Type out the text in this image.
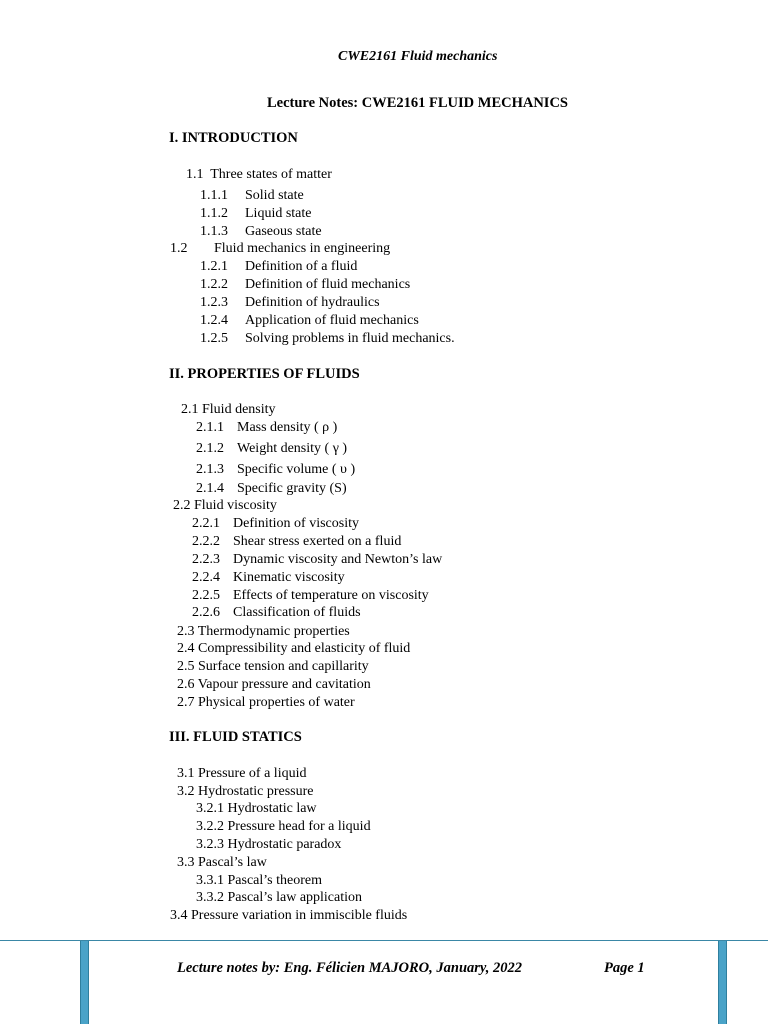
CWE2161 Fluid mechanics
Lecture Notes: CWE2161 FLUID MECHANICS
I. INTRODUCTION
1.1 Three states of matter
1.1.1 Solid state
1.1.2 Liquid state
1.1.3 Gaseous state
1.2 Fluid mechanics in engineering
1.2.1 Definition of a fluid
1.2.2 Definition of fluid mechanics
1.2.3 Definition of hydraulics
1.2.4 Application of fluid mechanics
1.2.5 Solving problems in fluid mechanics.
II. PROPERTIES OF FLUIDS
2.1 Fluid density
2.1.1 Mass density ( ρ )
2.1.2 Weight density ( γ )
2.1.3 Specific volume ( υ )
2.1.4 Specific gravity (S)
2.2 Fluid viscosity
2.2.1 Definition of viscosity
2.2.2 Shear stress exerted on a fluid
2.2.3 Dynamic viscosity and Newton’s law
2.2.4 Kinematic viscosity
2.2.5 Effects of temperature on viscosity
2.2.6 Classification of fluids
2.3 Thermodynamic properties
2.4 Compressibility and elasticity of fluid
2.5 Surface tension and capillarity
2.6 Vapour pressure and cavitation
2.7 Physical properties of water
III. FLUID STATICS
3.1 Pressure of a liquid
3.2 Hydrostatic pressure
3.2.1 Hydrostatic law
3.2.2 Pressure head for a liquid
3.2.3 Hydrostatic paradox
3.3 Pascal’s law
3.3.1 Pascal’s theorem
3.3.2 Pascal’s law application
3.4 Pressure variation in immiscible fluids
Lecture notes by: Eng. Félicien MAJORO, January, 2022	Page 1
